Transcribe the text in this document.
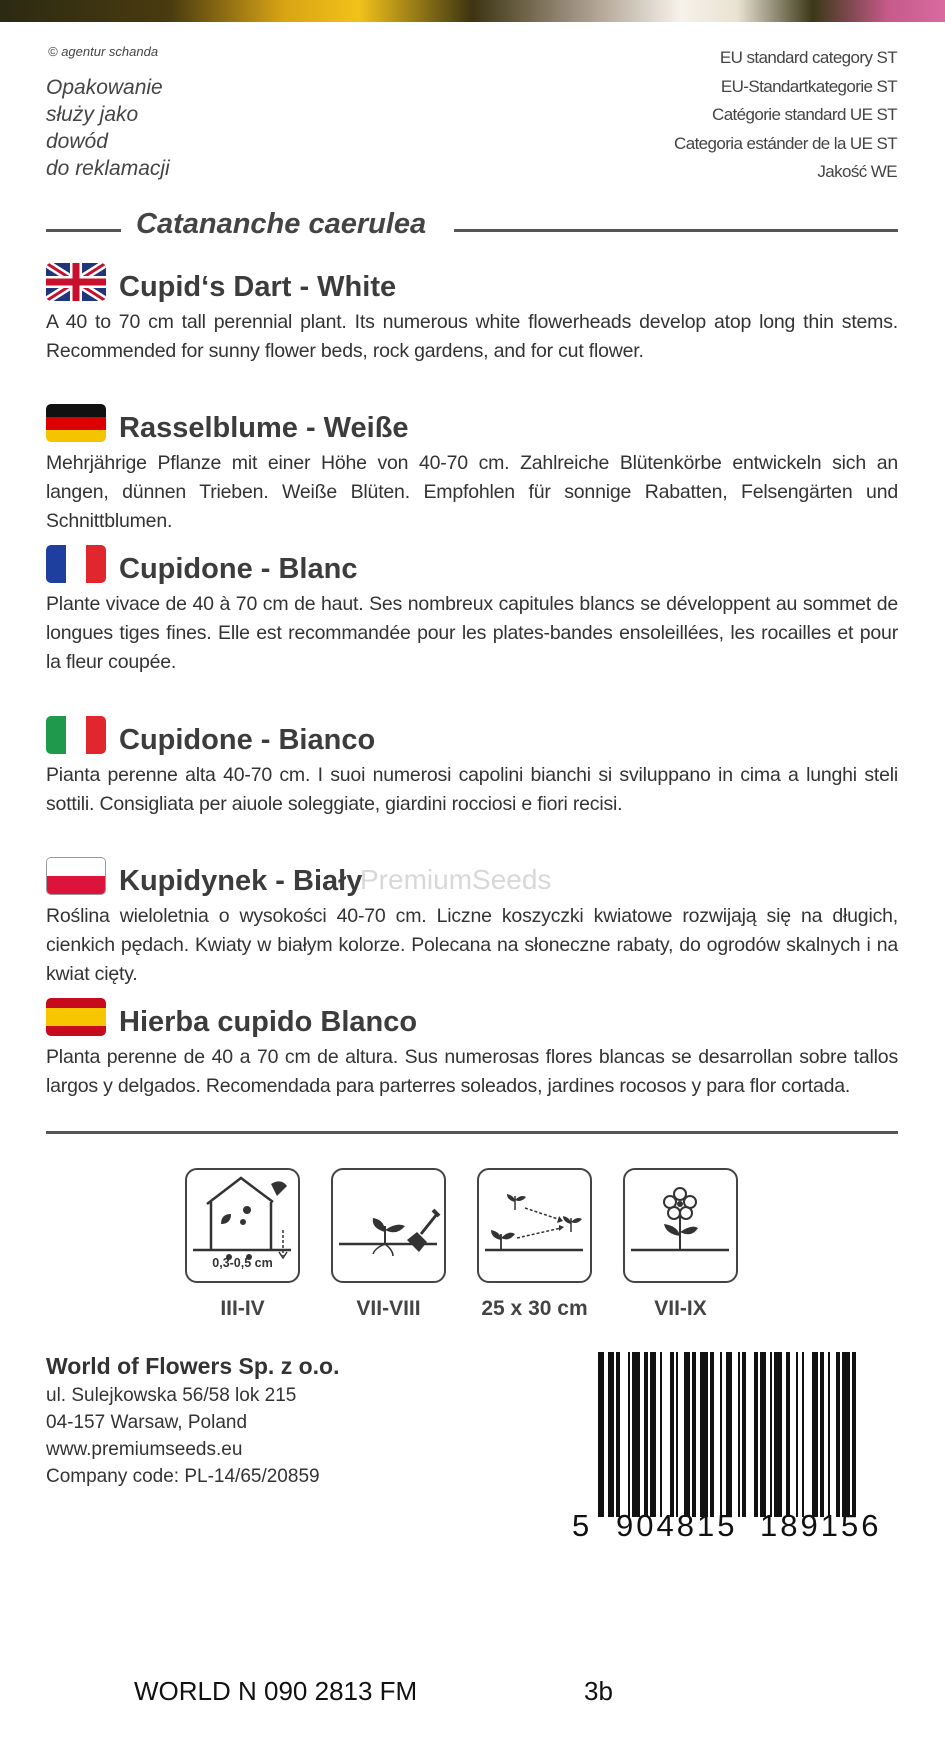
© agentur schanda
Opakowanie
służy jako
dowód
do reklamacji
EU standard category ST
EU-Standartkategorie ST
Catégorie standard UE ST
Categoria estánder de la UE ST
Jakość WE
Catananche caerulea
Cupid‘s Dart - White

A 40 to 70 cm tall perennial plant. Its numerous white flowerheads develop atop long thin stems. Recommended for sunny flower beds, rock gardens, and for cut flower.

Rasselblume - Weiße

Mehrjährige Pflanze mit einer Höhe von 40-70 cm. Zahlreiche Blütenkörbe entwickeln sich an langen, dünnen Trieben. Weiße Blüten. Empfohlen für sonnige Rabatten, Felsengärten und Schnittblumen.

Cupidone - Blanc

Plante vivace de 40 à 70 cm de haut. Ses nombreux capitules blancs se développent au sommet de longues tiges fines. Elle est recommandée pour les plates-bandes ensoleillées, les rocailles et pour la fleur coupée.

Cupidone - Bianco

Pianta perenne alta 40-70 cm. I suoi numerosi capolini bianchi si sviluppano in cima a lunghi steli sottili. Consigliata per aiuole soleggiate, giardini rocciosi e fiori recisi.

Kupidynek - Biały

Roślina wieloletnia o wysokości 40-70 cm. Liczne koszyczki kwiatowe rozwijają się na długich, cienkich pędach. Kwiaty w białym kolorze. Polecana na słoneczne rabaty, do ogrodów skalnych i na kwiat cięty.

Hierba cupido Blanco

Planta perenne de 40 a 70 cm de altura. Sus numerosas flores blancas se desarrollan sobre tallos largos y delgados. Recomendada para parterres soleados, jardines rocosos y para flor cortada.

PremiumSeeds
0,3-0,5 cm
III-IV	VII-VIII	25 x 30 cm	VII-IX
World of Flowers Sp. z o.o.
ul. Sulejkowska 56/58 lok 215
04-157 Warsaw, Poland
www.premiumseeds.eu
Company code: PL-14/65/20859
5 904815 189156
WORLD N 090 2813 FM	3b
